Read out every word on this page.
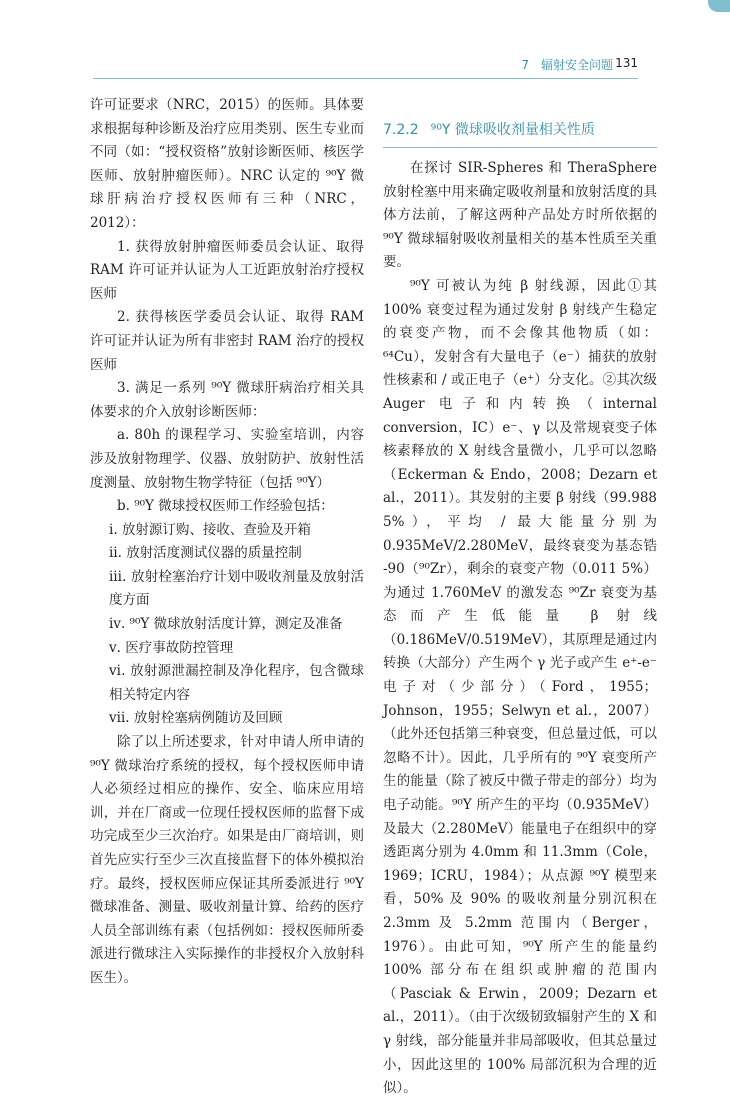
7　辐射安全问题 131

许可证要求（NRC，2015）的医师。具体要求根据每种诊断及治疗应用类别、医生专业而不同（如：“授权资格”放射诊断医师、核医学医师、放射肿瘤医师）。NRC 认定的 ⁹⁰Y 微球肝病治疗授权医师有三种（NRC，2012）：

1. 获得放射肿瘤医师委员会认证、取得 RAM 许可证并认证为人工近距放射治疗授权医师

2. 获得核医学委员会认证、取得 RAM 许可证并认证为所有非密封 RAM 治疗的授权医师

3. 满足一系列 ⁹⁰Y 微球肝病治疗相关具体要求的介入放射诊断医师：

a. 80h 的课程学习、实验室培训，内容涉及放射物理学、仪器、放射防护、放射性活度测量、放射物生物学特征（包括 ⁹⁰Y）

b. ⁹⁰Y 微球授权医师工作经验包括：

ⅰ. 放射源订购、接收、查验及开箱

ⅱ. 放射活度测试仪器的质量控制

ⅲ. 放射栓塞治疗计划中吸收剂量及放射活度方面

ⅳ. ⁹⁰Y 微球放射活度计算，测定及准备

ⅴ. 医疗事故防控管理

ⅵ. 放射源泄漏控制及净化程序，包含微球相关特定内容

ⅶ. 放射栓塞病例随访及回顾

除了以上所述要求，针对申请人所申请的 ⁹⁰Y 微球治疗系统的授权，每个授权医师申请人必须经过相应的操作、安全、临床应用培训，并在厂商或一位现任授权医师的监督下成功完成至少三次治疗。如果是由厂商培训，则首先应实行至少三次直接监督下的体外模拟治疗。最终，授权医师应保证其所委派进行 ⁹⁰Y 微球准备、测量、吸收剂量计算、给药的医疗人员全部训练有素（包括例如：授权医师所委派进行微球注入实际操作的非授权介入放射科医生）。

7.2.2 ⁹⁰Y 微球吸收剂量相关性质

在探讨 SIR-Spheres 和 TheraSphere 放射栓塞中用来确定吸收剂量和放射活度的具体方法前，了解这两种产品处方时所依据的 ⁹⁰Y 微球辐射吸收剂量相关的基本性质至关重要。

⁹⁰Y 可被认为纯 β 射线源，因此①其 100% 衰变过程为通过发射 β 射线产生稳定的衰变产物，而不会像其他物质（如：⁶⁴Cu），发射含有大量电子（e⁻）捕获的放射性核素和 / 或正电子（e⁺）分支化。②其次级 Auger 电子和内转换（internal conversion，IC）e⁻、γ 以及常规衰变子体核素释放的 X 射线含量微小，几乎可以忽略（Eckerman & Endo，2008；Dezarn et al.，2011）。其发射的主要 β 射线（99.988 5%），平均 / 最大能量分别为 0.935MeV/2.280MeV，最终衰变为基态锆 -90（⁹⁰Zr），剩余的衰变产物（0.011 5%）为通过 1.760MeV 的激发态 ⁹⁰Zr 衰变为基态而产生低能量 β 射线（0.186MeV/0.519MeV），其原理是通过内转换（大部分）产生两个 γ 光子或产生 e⁺-e⁻ 电子对（少部分）（Ford，1955；Johnson，1955；Selwyn et al.，2007）（此外还包括第三种衰变，但总量过低，可以忽略不计）。因此，几乎所有的 ⁹⁰Y 衰变所产生的能量（除了被反中微子带走的部分）均为电子动能。⁹⁰Y 所产生的平均（0.935MeV）及最大（2.280MeV）能量电子在组织中的穿透距离分别为 4.0mm 和 11.3mm（Cole，1969；ICRU，1984）；从点源 ⁹⁰Y 模型来看，50% 及 90% 的吸收剂量分别沉积在 2.3mm 及 5.2mm 范围内（Berger，1976）。由此可知，⁹⁰Y 所产生的能量约 100% 部分布在组织或肿瘤的范围内（Pasciak & Erwin，2009；Dezarn et al.，2011）。（由于次级韧致辐射产生的 X 和 γ 射线，部分能量并非局部吸收，但其总量过小，因此这里的 100% 局部沉积为合理的近似）。
